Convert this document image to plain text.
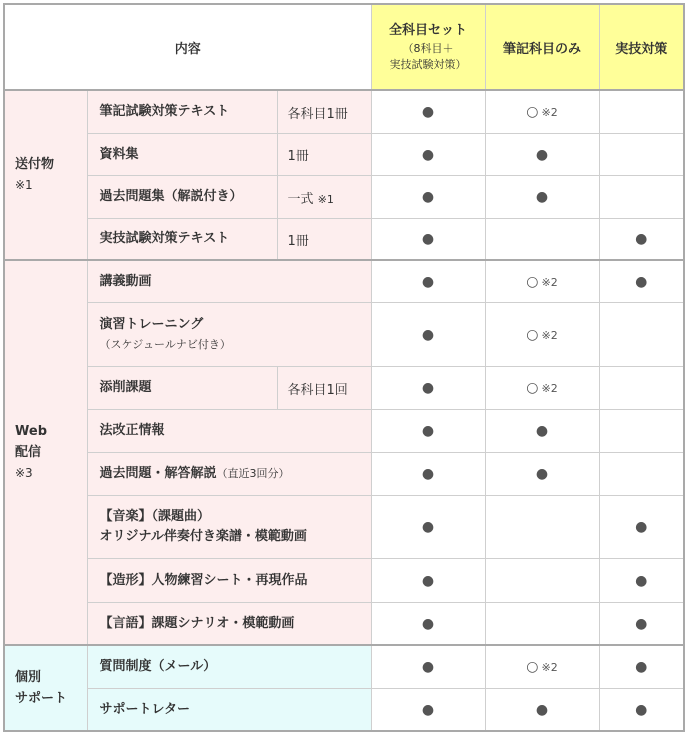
内容			全科目セット
（8科目＋
実技試験対策）	筆記科目のみ	実技対策

送付物
※1	筆記試験対策テキスト	各科目1冊	●	○ ※2	
	資料集	1冊	●	●	
	過去問題集（解説付き）	一式 ※1	●	●	
	実技試験対策テキスト	1冊	●		●

Web
配信
※3	講義動画		●	○ ※2	●

	演習トレーニング
（スケジュールナビ付き）		●	○ ※2	
	添削課題	各科目1回	●	○ ※2	
	法改正情報		●	●	
	過去問題・解答解説（直近3回分）		●	●	

	【音楽】（課題曲）
オリジナル伴奏付き楽譜・模範動画		●		●
	【造形】人物練習シート・再現作品		●		●
	【言語】課題シナリオ・模範動画		●		●

個別
サポート	質問制度（メール）		●	○ ※2	●
	サポートレター		●	●	●
